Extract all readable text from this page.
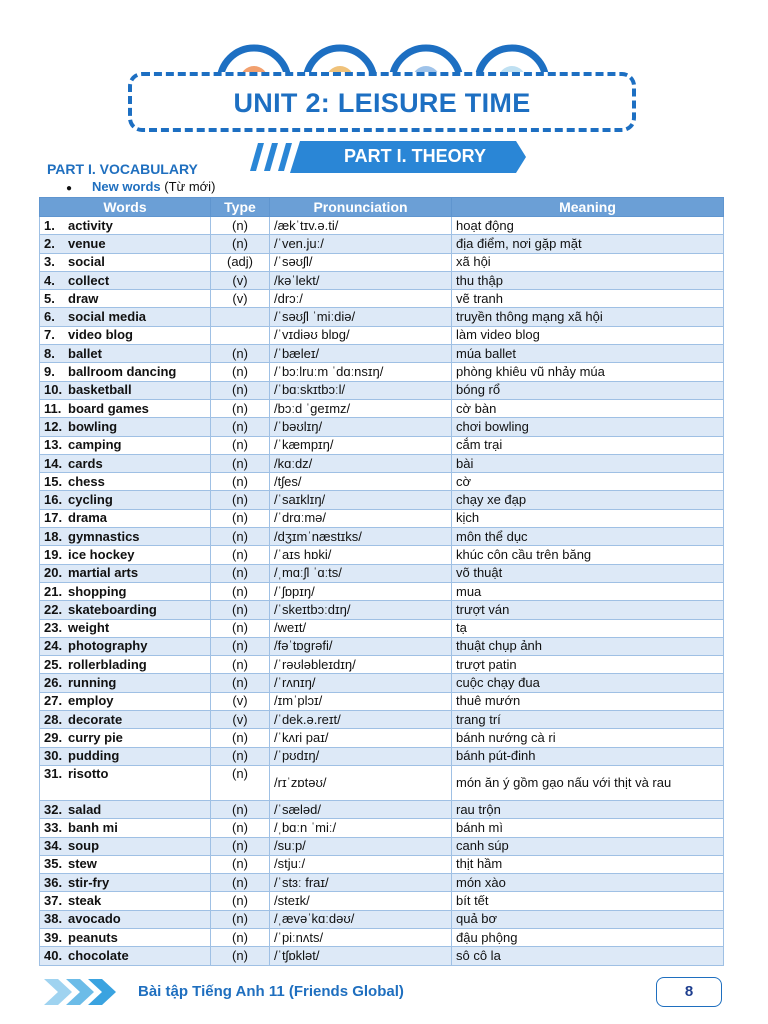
UNIT 2: LEISURE TIME
PART I. THEORY
PART I. VOCABULARY
● New words (Từ mới)
Words	Type	Pronunciation	Meaning
1. activity	(n)	/ækˈtɪv.ə.ti/	hoạt động
2. venue	(n)	/ˈven.juː/	địa điểm, nơi gặp mặt
3. social	(adj)	/ˈsəʊʃl/	xã hội
4. collect	(v)	/kəˈlekt/	thu thập
5. draw	(v)	/drɔː/	vẽ tranh
6. social media		/ˈsəʊʃl ˈmiːdiə/	truyền thông mạng xã hội
7. video blog		/ˈvɪdiəʊ blɒɡ/	làm video blog
8. ballet	(n)	/ˈbæleɪ/	múa ballet
9. ballroom dancing	(n)	/ˈbɔːlruːm ˈdɑːnsɪŋ/	phòng khiêu vũ nhảy múa
10. basketball	(n)	/ˈbɑːskɪtbɔːl/	bóng rổ
11. board games	(n)	/bɔːd ˈɡeɪmz/	cờ bàn
12. bowling	(n)	/ˈbəʊlɪŋ/	chơi bowling
13. camping	(n)	/ˈkæmpɪŋ/	cắm trại
14. cards	(n)	/kɑːdz/	bài
15. chess	(n)	/tʃes/	cờ
16. cycling	(n)	/ˈsaɪklɪŋ/	chạy xe đạp
17. drama	(n)	/ˈdrɑːmə/	kịch
18. gymnastics	(n)	/dʒɪmˈnæstɪks/	môn thể dục
19. ice hockey	(n)	/ˈaɪs hɒki/	khúc côn cầu trên băng
20. martial arts	(n)	/ˌmɑːʃl ˈɑːts/	võ thuật
21. shopping	(n)	/ˈʃɒpɪŋ/	mua
22. skateboarding	(n)	/ˈskeɪtbɔːdɪŋ/	trượt ván
23. weight	(n)	/weɪt/	tạ
24. photography	(n)	/fəˈtɒɡrəfi/	thuật chụp ảnh
25. rollerblading	(n)	/ˈrəʊləbleɪdɪŋ/	trượt patin
26. running	(n)	/ˈrʌnɪŋ/	cuộc chạy đua
27. employ	(v)	/ɪmˈplɔɪ/	thuê mướn
28. decorate	(v)	/ˈdek.ə.reɪt/	trang trí
29. curry pie	(n)	/ˈkʌri paɪ/	bánh nướng cà ri
30. pudding	(n)	/ˈpʊdɪŋ/	bánh pút-đinh
31. risotto	(n)	/rɪˈzɒtəʊ/	món ăn ý gồm gạo nấu với thịt và rau
32. salad	(n)	/ˈsæləd/	rau trộn
33. banh mi	(n)	/ˌbɑːn ˈmiː/	bánh mì
34. soup	(n)	/suːp/	canh súp
35. stew	(n)	/stjuː/	thịt hầm
36. stir-fry	(n)	/ˈstɜː fraɪ/	món xào
37. steak	(n)	/steɪk/	bít tết
38. avocado	(n)	/ˌævəˈkɑːdəʊ/	quả bơ
39. peanuts	(n)	/ˈpiːnʌts/	đậu phộng
40. chocolate	(n)	/ˈtʃɒklət/	sô cô la
Bài tập Tiếng Anh 11 (Friends Global)	8
